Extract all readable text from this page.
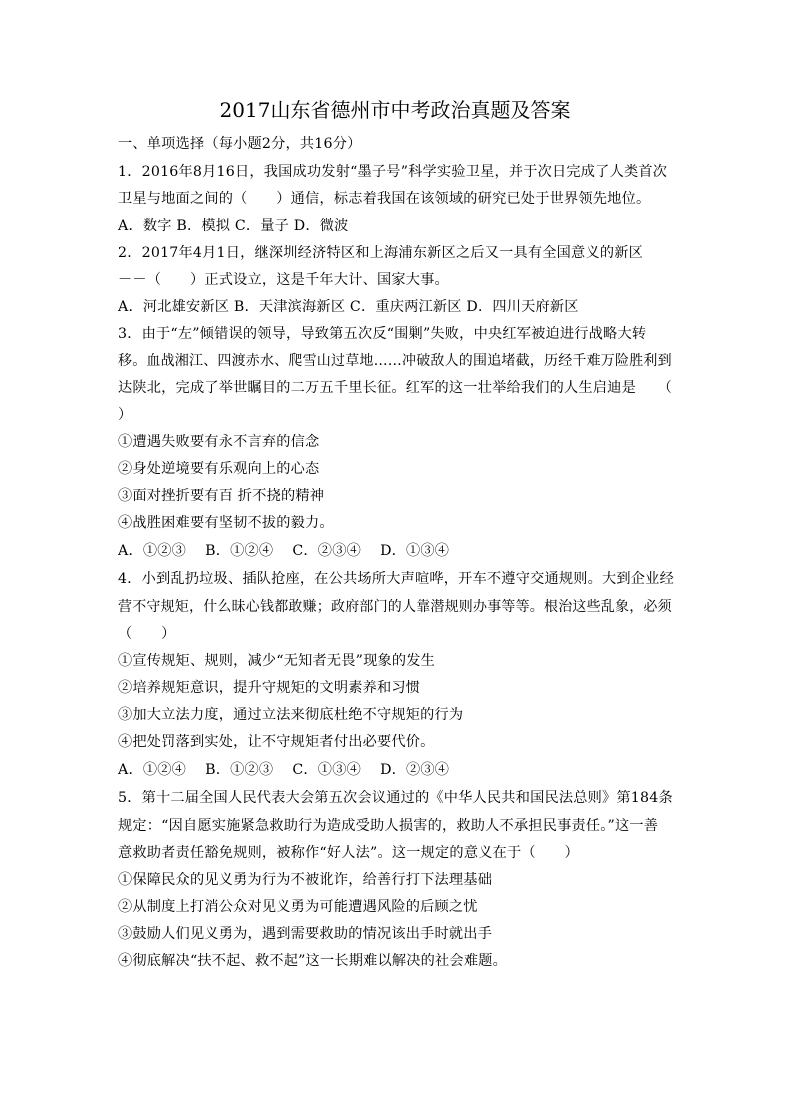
2017山东省德州市中考政治真题及答案
一、单项选择（每小题2分，共16分）
1．2016年8月16日，我国成功发射“墨子号”科学实验卫星，并于次日完成了人类首次
卫星与地面之间的（　　）通信，标志着我国在该领域的研究已处于世界领先地位。
A．数字 B．模拟 C．量子 D．微波
2．2017年4月1日，继深圳经济特区和上海浦东新区之后又一具有全国意义的新区
－－（　　）正式设立，这是千年大计、国家大事。
A．河北雄安新区 B．天津滨海新区 C．重庆两江新区 D．四川天府新区
3．由于“左”倾错误的领导，导致第五次反“围剿”失败，中央红军被迫进行战略大转
移。血战湘江、四渡赤水、爬雪山过草地……冲破敌人的围追堵截，历经千难万险胜利到
达陕北，完成了举世瞩目的二万五千里长征。红军的这一壮举给我们的人生启迪是　　（
）
①遭遇失败要有永不言弃的信念
②身处逆境要有乐观向上的心态
③面对挫折要有百 折不挠的精神
④战胜困难要有坚韧不拔的毅力。
A．①②③　 B．①②④　 C．②③④　 D．①③④
4．小到乱扔垃圾、插队抢座，在公共场所大声喧哗，开车不遵守交通规则。大到企业经
营不守规矩，什么昧心钱都敢赚；政府部门的人靠潜规则办事等等。根治这些乱象，必须
（　　）
①宣传规矩、规则，减少“无知者无畏”现象的发生
②培养规矩意识，提升守规矩的文明素养和习惯
③加大立法力度，通过立法来彻底杜绝不守规矩的行为
④把处罚落到实处，让不守规矩者付出必要代价。
A．①②④　 B．①②③　 C．①③④　 D．②③④
5．第十二届全国人民代表大会第五次会议通过的《中华人民共和国民法总则》第184条
规定：“因自愿实施紧急救助行为造成受助人损害的，救助人不承担民事责任。”这一善
意救助者责任豁免规则，被称作“好人法”。这一规定的意义在于（　　）
①保障民众的见义勇为行为不被讹诈，给善行打下法理基础
②从制度上打消公众对见义勇为可能遭遇风险的后顾之忧
③鼓励人们见义勇为，遇到需要救助的情况该出手时就出手
④彻底解决“扶不起、救不起”这一长期难以解决的社会难题。
